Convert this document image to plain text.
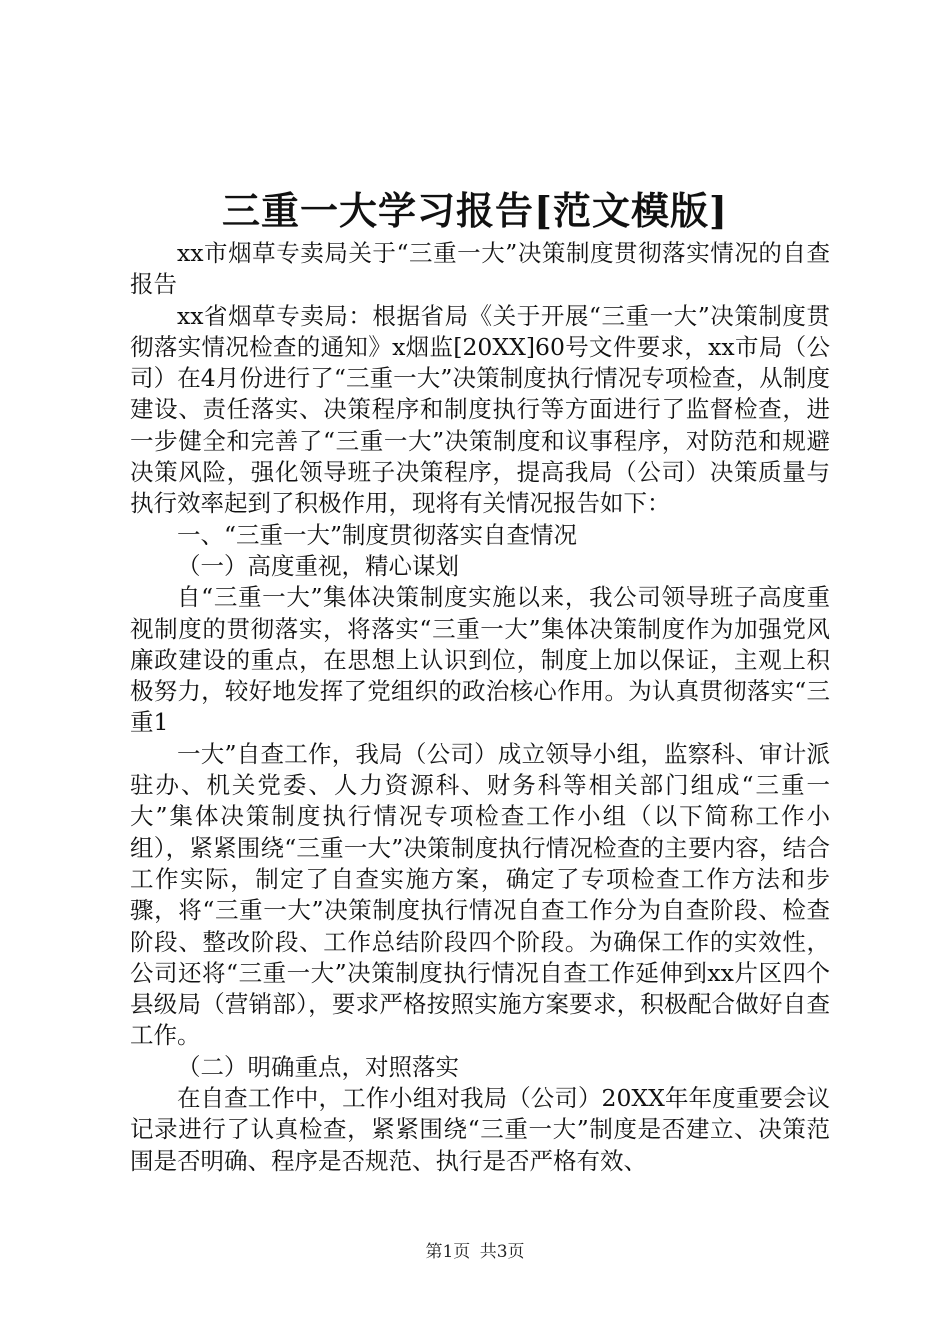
三重一大学习报告[范文模版]

xx市烟草专卖局关于“三重一大”决策制度贯彻落实情况的自查报告

xx省烟草专卖局：根据省局《关于开展“三重一大”决策制度贯彻落实情况检查的通知》x烟监[20XX]60号文件要求，xx市局（公司）在4月份进行了“三重一大”决策制度执行情况专项检查，从制度建设、责任落实、决策程序和制度执行等方面进行了监督检查，进一步健全和完善了“三重一大”决策制度和议事程序，对防范和规避决策风险，强化领导班子决策程序，提高我局（公司）决策质量与执行效率起到了积极作用，现将有关情况报告如下：

一、“三重一大”制度贯彻落实自查情况

（一）高度重视，精心谋划

自“三重一大”集体决策制度实施以来，我公司领导班子高度重视制度的贯彻落实，将落实“三重一大”集体决策制度作为加强党风廉政建设的重点，在思想上认识到位，制度上加以保证，主观上积极努力，较好地发挥了党组织的政治核心作用。为认真贯彻落实“三重1

一大”自查工作，我局（公司）成立领导小组，监察科、审计派驻办、机关党委、人力资源科、财务科等相关部门组成“三重一大”集体决策制度执行情况专项检查工作小组（以下简称工作小组），紧紧围绕“三重一大”决策制度执行情况检查的主要内容，结合工作实际，制定了自查实施方案，确定了专项检查工作方法和步骤，将“三重一大”决策制度执行情况自查工作分为自查阶段、检查阶段、整改阶段、工作总结阶段四个阶段。为确保工作的实效性，公司还将“三重一大”决策制度执行情况自查工作延伸到xx片区四个县级局（营销部），要求严格按照实施方案要求，积极配合做好自查工作。

（二）明确重点，对照落实

在自查工作中，工作小组对我局（公司）20XX年年度重要会议记录进行了认真检查，紧紧围绕“三重一大”制度是否建立、决策范围是否明确、程序是否规范、执行是否严格有效、

第1页 共3页
